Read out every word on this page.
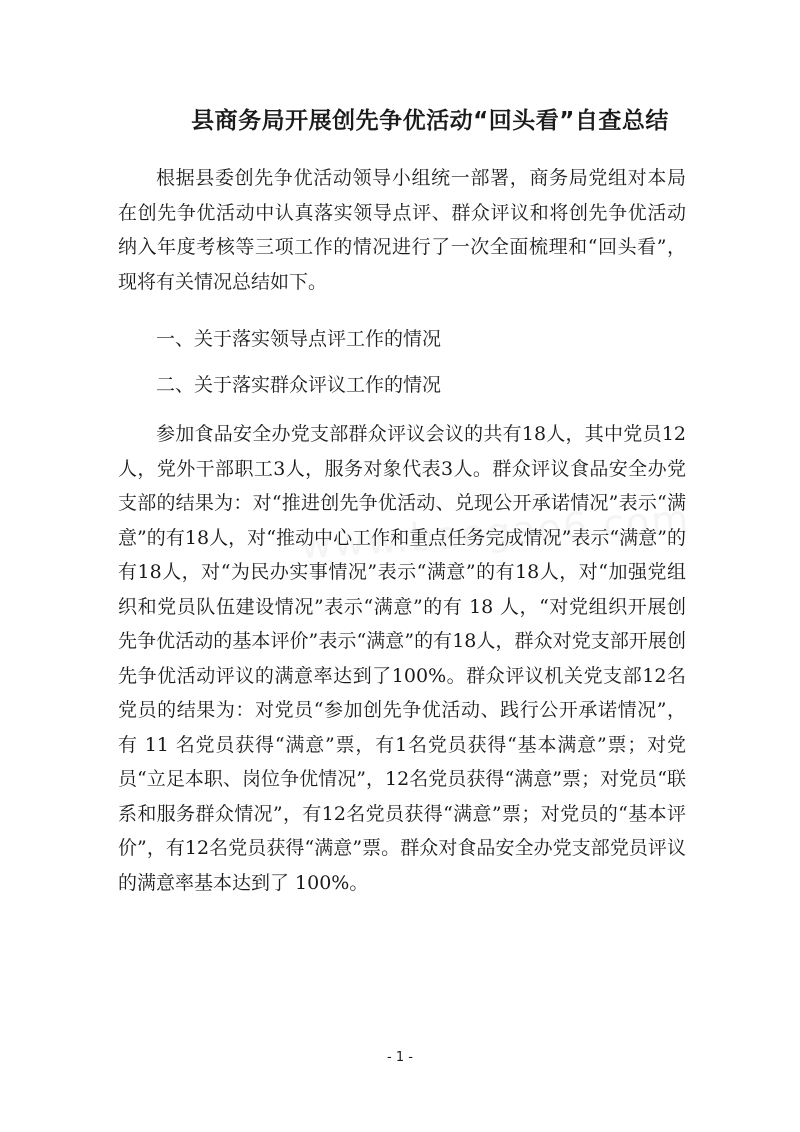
县商务局开展创先争优活动“回头看”自查总结

根据县委创先争优活动领导小组统一部署，商务局党组对本局在创先争优活动中认真落实领导点评、群众评议和将创先争优活动纳入年度考核等三项工作的情况进行了一次全面梳理和“回头看”，现将有关情况总结如下。

一、关于落实领导点评工作的情况

二、关于落实群众评议工作的情况

参加食品安全办党支部群众评议会议的共有18人，其中党员12人，党外干部职工3人，服务对象代表3人。群众评议食品安全办党支部的结果为：对“推进创先争优活动、兑现公开承诺情况”表示“满意”的有18人，对“推动中心工作和重点任务完成情况”表示“满意”的有18人，对“为民办实事情况”表示“满意”的有18人，对“加强党组织和党员队伍建设情况”表示“满意”的有 18 人，“对党组织开展创先争优活动的基本评价”表示“满意”的有18人，群众对党支部开展创先争优活动评议的满意率达到了100%。群众评议机关党支部12名党员的结果为：对党员“参加创先争优活动、践行公开承诺情况”，有 11 名党员获得“满意”票，有1名党员获得“基本满意”票；对党员“立足本职、岗位争优情况”，12名党员获得“满意”票；对党员“联系和服务群众情况”，有12名党员获得“满意”票；对党员的“基本评价”，有12名党员获得“满意”票。群众对食品安全办党支部党员评议的满意率基本达到了 100%。

- 1 -
